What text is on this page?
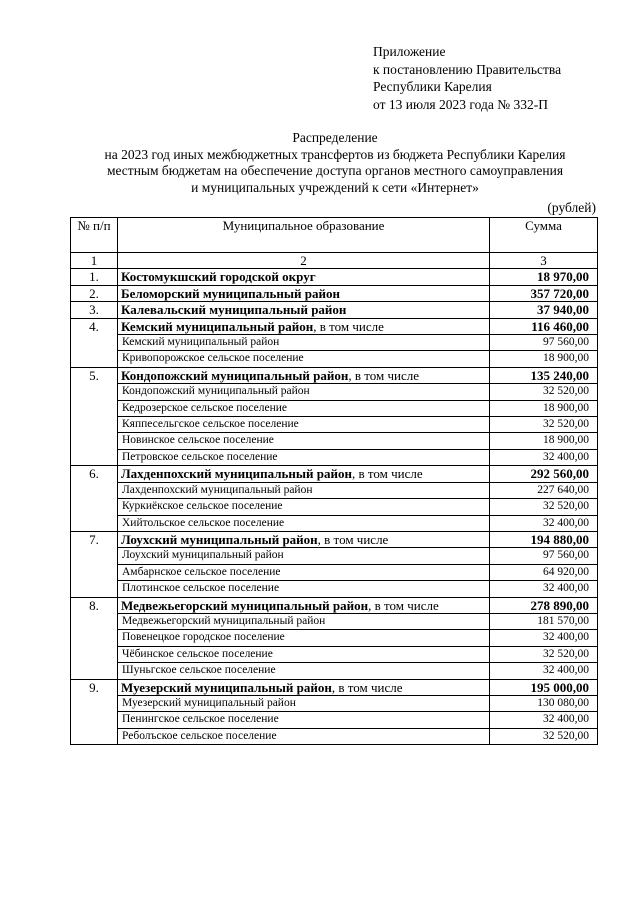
Приложение
к постановлению Правительства
Республики Карелия
от 13 июля 2023 года № 332-П
Распределение
на 2023 год иных межбюджетных трансфертов из бюджета Республики Карелия
местным бюджетам на обеспечение доступа органов местного самоуправления
и муниципальных учреждений к сети «Интернет»
(рублей)
№ п/п	Муниципальное образование	Сумма
1	2	3
1.	Костомукшский городской округ	18 970,00
2.	Беломорский муниципальный район	357 720,00
3.	Калевальский муниципальный район	37 940,00
4.	Кемский муниципальный район, в том числе	116 460,00
	Кемский муниципальный район	97 560,00
	Кривопорожское сельское поселение	18 900,00
5.	Кондопожский муниципальный район, в том числе	135 240,00
	Кондопожский муниципальный район	32 520,00
	Кедрозерское сельское поселение	18 900,00
	Кяппесельгское сельское поселение	32 520,00
	Новинское сельское поселение	18 900,00
	Петровское сельское поселение	32 400,00
6.	Лахденпохский муниципальный район, в том числе	292 560,00
	Лахденпохский муниципальный район	227 640,00
	Куркиёкское сельское поселение	32 520,00
	Хийтольское сельское поселение	32 400,00
7.	Лоухский муниципальный район, в том числе	194 880,00
	Лоухский муниципальный район	97 560,00
	Амбарнское сельское поселение	64 920,00
	Плотинское сельское поселение	32 400,00
8.	Медвежьегорский муниципальный район, в том числе	278 890,00
	Медвежьегорский муниципальный район	181 570,00
	Повенецкое городское поселение	32 400,00
	Чёбинское сельское поселение	32 520,00
	Шуньгское сельское поселение	32 400,00
9.	Муезерский муниципальный район, в том числе	195 000,00
	Муезерский муниципальный район	130 080,00
	Пенингское сельское поселение	32 400,00
	Реболъское сельское поселение	32 520,00
